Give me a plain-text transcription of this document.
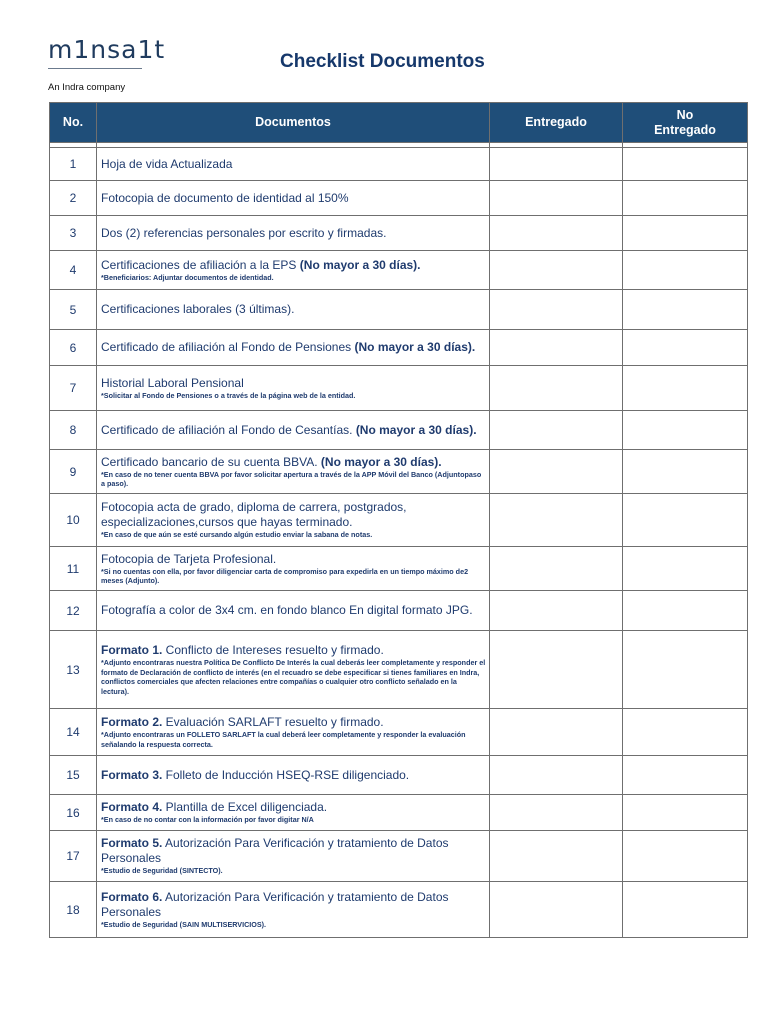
m1nsa1t
An Indra company
Checklist Documentos
No.	Documentos	Entregado	No
Entregado

1	Hoja de vida Actualizada		

2	Fotocopia de documento de identidad al 150%		

3	Dos (2) referencias personales por escrito y firmadas.		

4	Certificaciones de afiliación a la EPS (No mayor a 30 días).
*Beneficiarios: Adjuntar documentos de identidad.		

5	Certificaciones laborales (3 últimas).		

6	Certificado de afiliación al Fondo de Pensiones (No mayor a 30 días).		

7	Historial Laboral Pensional
*Solicitar al Fondo de Pensiones o a través de la página web de la entidad.		

8	Certificado de afiliación al Fondo de Cesantías. (No mayor a 30 días).		

9	Certificado bancario de su cuenta BBVA. (No mayor a 30 días).
*En caso de no tener cuenta BBVA por favor solicitar apertura a través de la APP Móvil del Banco (Adjuntopaso a paso).		

10	Fotocopia acta de grado, diploma de carrera, postgrados, especializaciones,cursos que hayas terminado.
*En caso de que aún se esté cursando algún estudio enviar la sabana de notas.		

11	Fotocopia de Tarjeta Profesional.
*Si no cuentas con ella, por favor diligenciar carta de compromiso para expedirla en un tiempo máximo de2 meses (Adjunto).		

12	Fotografía a color de 3x4 cm. en fondo blanco En digital formato JPG.		

13	Formato 1. Conflicto de Intereses resuelto y firmado.
*Adjunto encontraras nuestra Política De Conflicto De Interés la cual deberás leer completamente y responder el formato de Declaración de conflicto de interés (en el recuadro se debe especificar si tienes familiares en Indra, conflictos comerciales que afecten relaciones entre compañías o cualquier otro conflicto señalado en la lectura).		

14	Formato 2. Evaluación SARLAFT resuelto y firmado.
*Adjunto encontraras un FOLLETO SARLAFT la cual deberá leer completamente y responder la evaluación señalando la respuesta correcta.		

15	Formato 3. Folleto de Inducción HSEQ-RSE diligenciado.		

16	Formato 4. Plantilla de Excel diligenciada.
*En caso de no contar con la información por favor digitar N/A		

17	Formato 5. Autorización Para Verificación y tratamiento de Datos Personales
*Estudio de Seguridad (SINTECTO).		

18	Formato 6. Autorización Para Verificación y tratamiento de Datos Personales
*Estudio de Seguridad (SAIN MULTISERVICIOS).		
